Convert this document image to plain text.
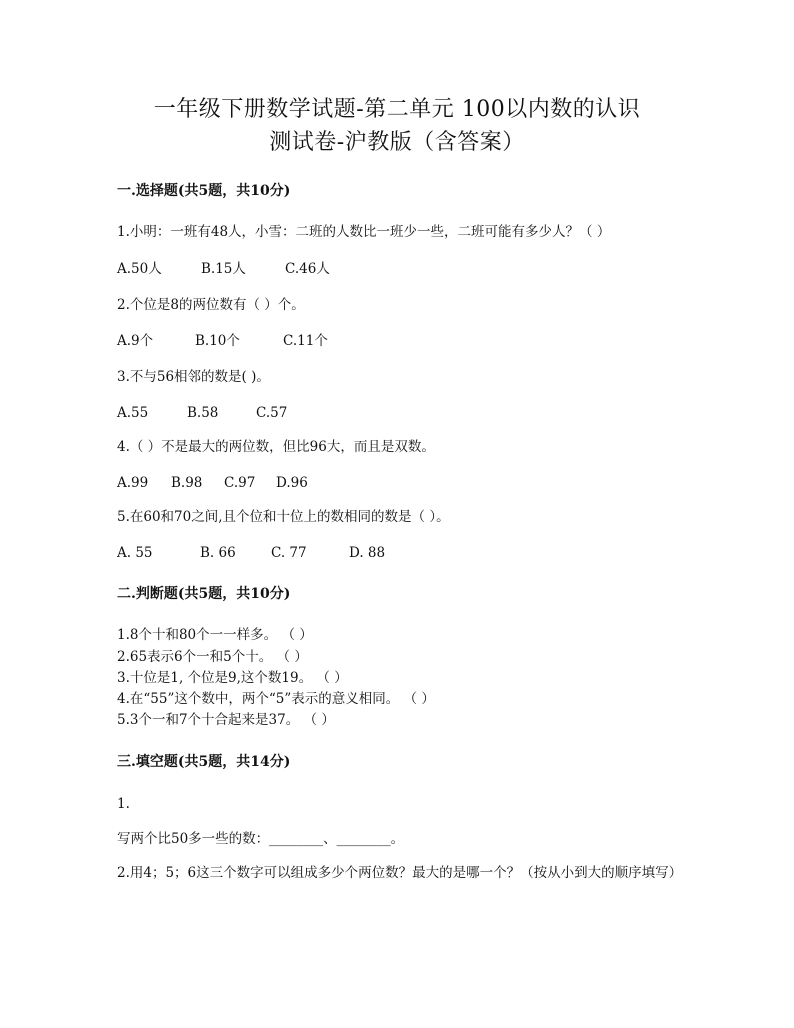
一年级下册数学试题-第二单元 100以内数的认识
测试卷-沪教版（含答案）
一.选择题(共5题，共10分)
1.小明：一班有48人，小雪：二班的人数比一班少一些，二班可能有多少人？（ ）
A.50人	B.15人	C.46人
2.个位是8的两位数有（ ）个。
A.9个	B.10个	C.11个
3.不与56相邻的数是( )。
A.55	B.58	C.57
4.（ ）不是最大的两位数，但比96大，而且是双数。
A.99 B.98 C.97 D.96
5.在60和70之间,且个位和十位上的数相同的数是（ ）。
A. 55	B. 66	C. 77	D. 88
二.判断题(共5题，共10分)
1.8个十和80个一一样多。 （ ）
2.65表示6个一和5个十。 （ ）
3.十位是1, 个位是9,这个数19。 （ ）
4.在“55”这个数中，两个“5”表示的意义相同。 （ ）
5.3个一和7个十合起来是37。 （ ）
三.填空题(共5题，共14分)
1.
写两个比50多一些的数：________、________。
2.用4；5；6这三个数字可以组成多少个两位数？最大的是哪一个？（按从小到大的顺序填写）
